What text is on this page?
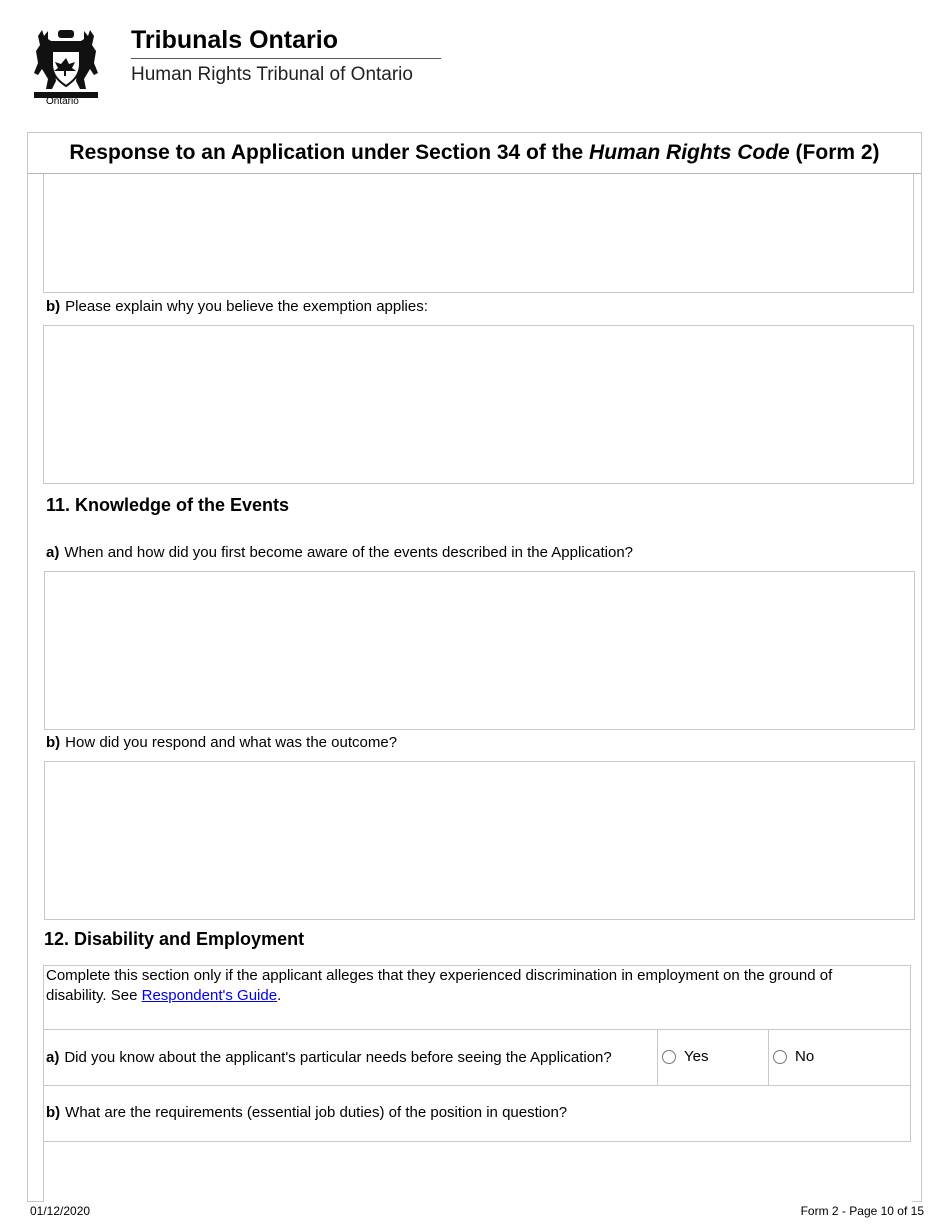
Ontario
Tribunals Ontario
Human Rights Tribunal of Ontario
Response to an Application under Section 34 of the Human Rights Code (Form 2)
b) Please explain why you believe the exemption applies:
11. Knowledge of the Events
a) When and how did you first become aware of the events described in the Application?
b) How did you respond and what was the outcome?
12. Disability and Employment
Complete this section only if the applicant alleges that they experienced discrimination in employment on the ground of disability. See Respondent's Guide.
a) Did you know about the applicant's particular needs before seeing the Application?	Yes	No
b) What are the requirements (essential job duties) of the position in question?
01/12/2020	Form 2 - Page 10 of 15
